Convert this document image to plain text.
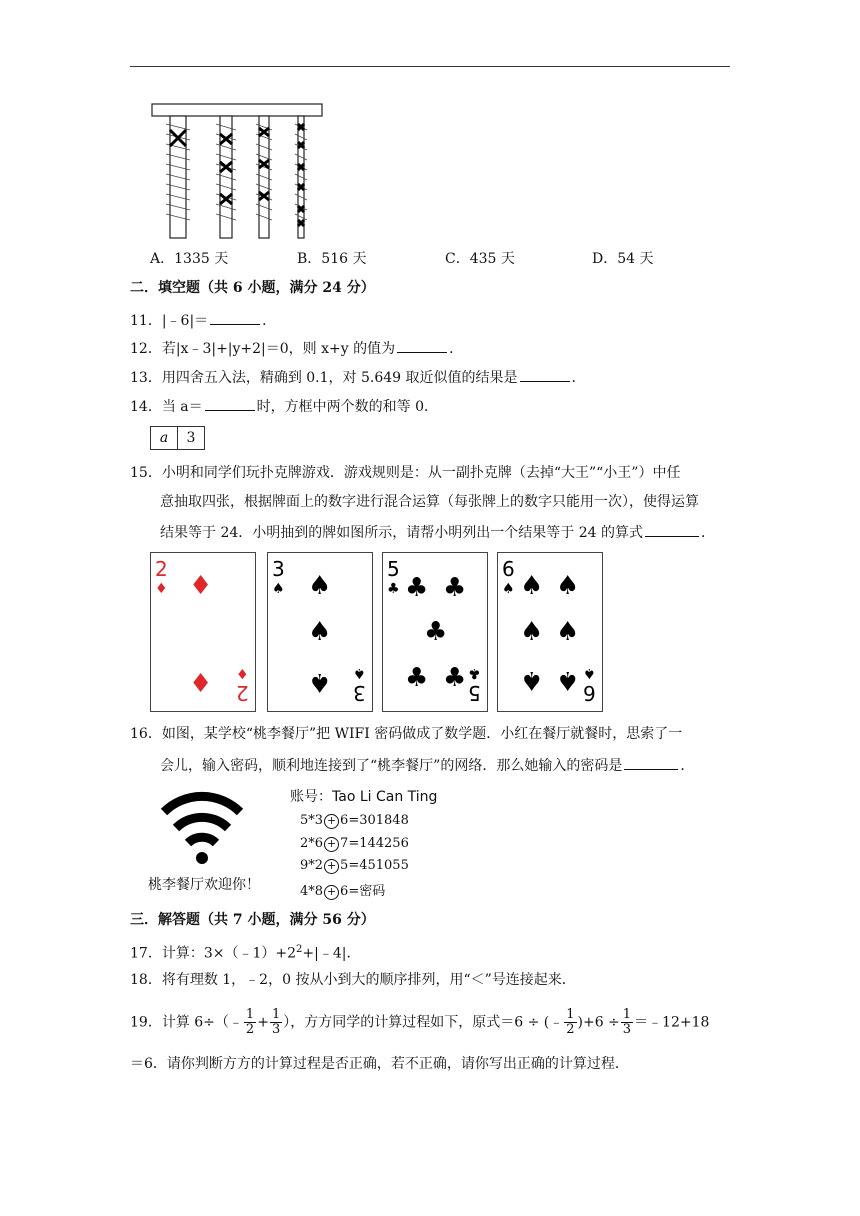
A．1335 天	B．516 天	C．435 天	D．54 天
二．填空题（共 6 小题，满分 24 分）
11．|﹣6|＝	．
12．若|x﹣3|+|y+2|＝0，则 x+y 的值为	．
13．用四舍五入法，精确到 0.1，对 5.649 取近似值的结果是	．
14．当 a＝	时，方框中两个数的和等 0．
a 3
15．小明和同学们玩扑克牌游戏．游戏规则是：从一副扑克牌（去掉“大王”“小王”）中任
意抽取四张，根据牌面上的数字进行混合运算（每张牌上的数字只能用一次），使得运算
结果等于 24．小明抽到的牌如图所示，请帮小明列出一个结果等于 24 的算式	．
2
♦ ♦
♦ 2
♦
3
♠ ♠
♠
♠ 3
♠
5
♣ ♣ ♣
♣
♣ ♣ 5
♣
6
♠ ♠ ♠
♠ ♠
♠ ♠ 6
♠
16．如图，某学校“桃李餐厅”把 WIFI 密码做成了数学题．小红在餐厅就餐时，思索了一
会儿，输入密码，顺利地连接到了“桃李餐厅”的网络．那么她输入的密码是	．
桃李餐厅欢迎你！
账号：Tao Li Can Ting
5*3 + 6=301848
2*6 + 7=144256
9*2 + 5=451055
4*8 + 6=密码
三．解答题（共 7 小题，满分 56 分）
17．计算：$3\times(﹣1)+2^2+|﹣4|$．
18．将有理数 1，﹣2，0 按从小到大的顺序排列，用“＜”号连接起来．
19．计算 6÷（﹣ $\frac{1}{2} + \frac{1}{3}$ ），方方同学的计算过程如下，原式＝6 ÷ (﹣ $\frac{1}{2} )+6 \div \frac{1}{3}$ ＝﹣12+18
＝6．请你判断方方的计算过程是否正确，若不正确，请你写出正确的计算过程．
